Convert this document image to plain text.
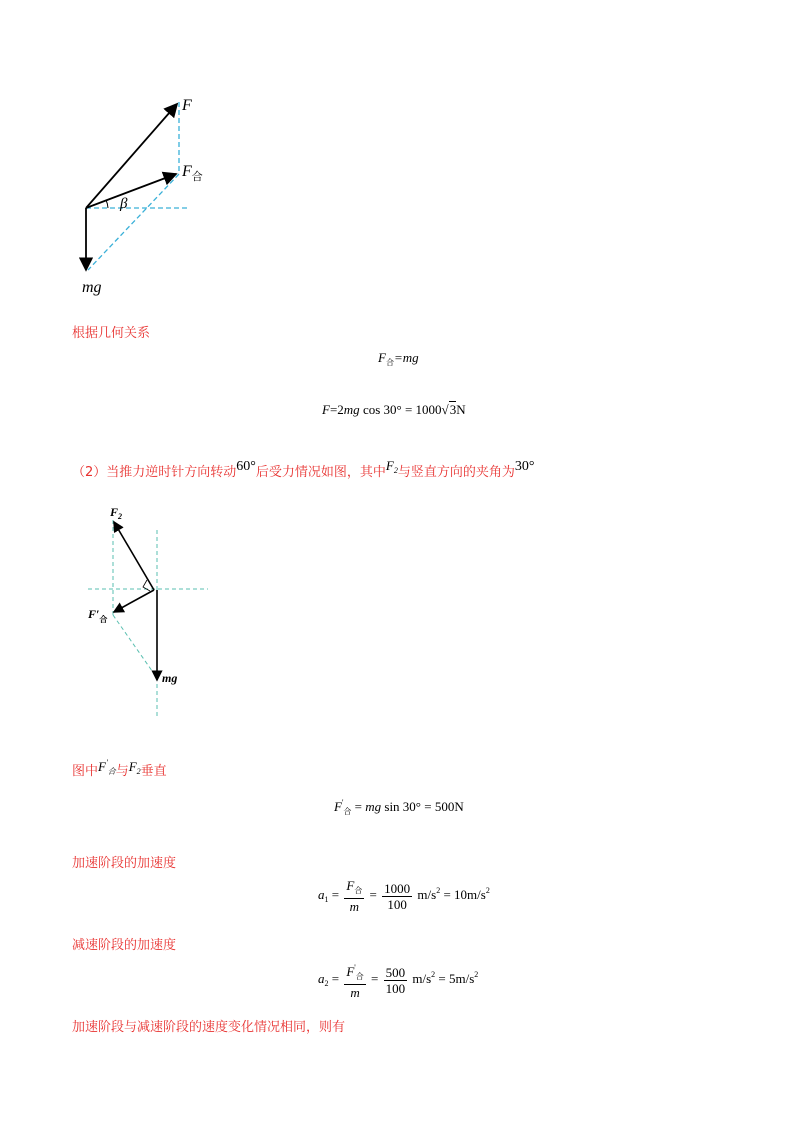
F
$F_合$
β
mg
根据几何关系
$F_合=mg$
F=2mg cos 30° = 1000√3N
（2）当推力逆时针方向转动60°后受力情况如图，其中$F_2$与竖直方向的夹角为30°
$F_2$
$F'_合$
mg
图中$F'_合$与$F_2$垂直
$F'_合$ = mg sin 30° = 500N
加速阶段的加速度
$a_1 = \frac{F_合}{m} = \frac{1000}{100} m/s^2 = 10m/s^2$
减速阶段的加速度
$a_2 = \frac{F'_合}{m} = \frac{500}{100} m/s^2 = 5m/s^2$
加速阶段与减速阶段的速度变化情况相同，则有
